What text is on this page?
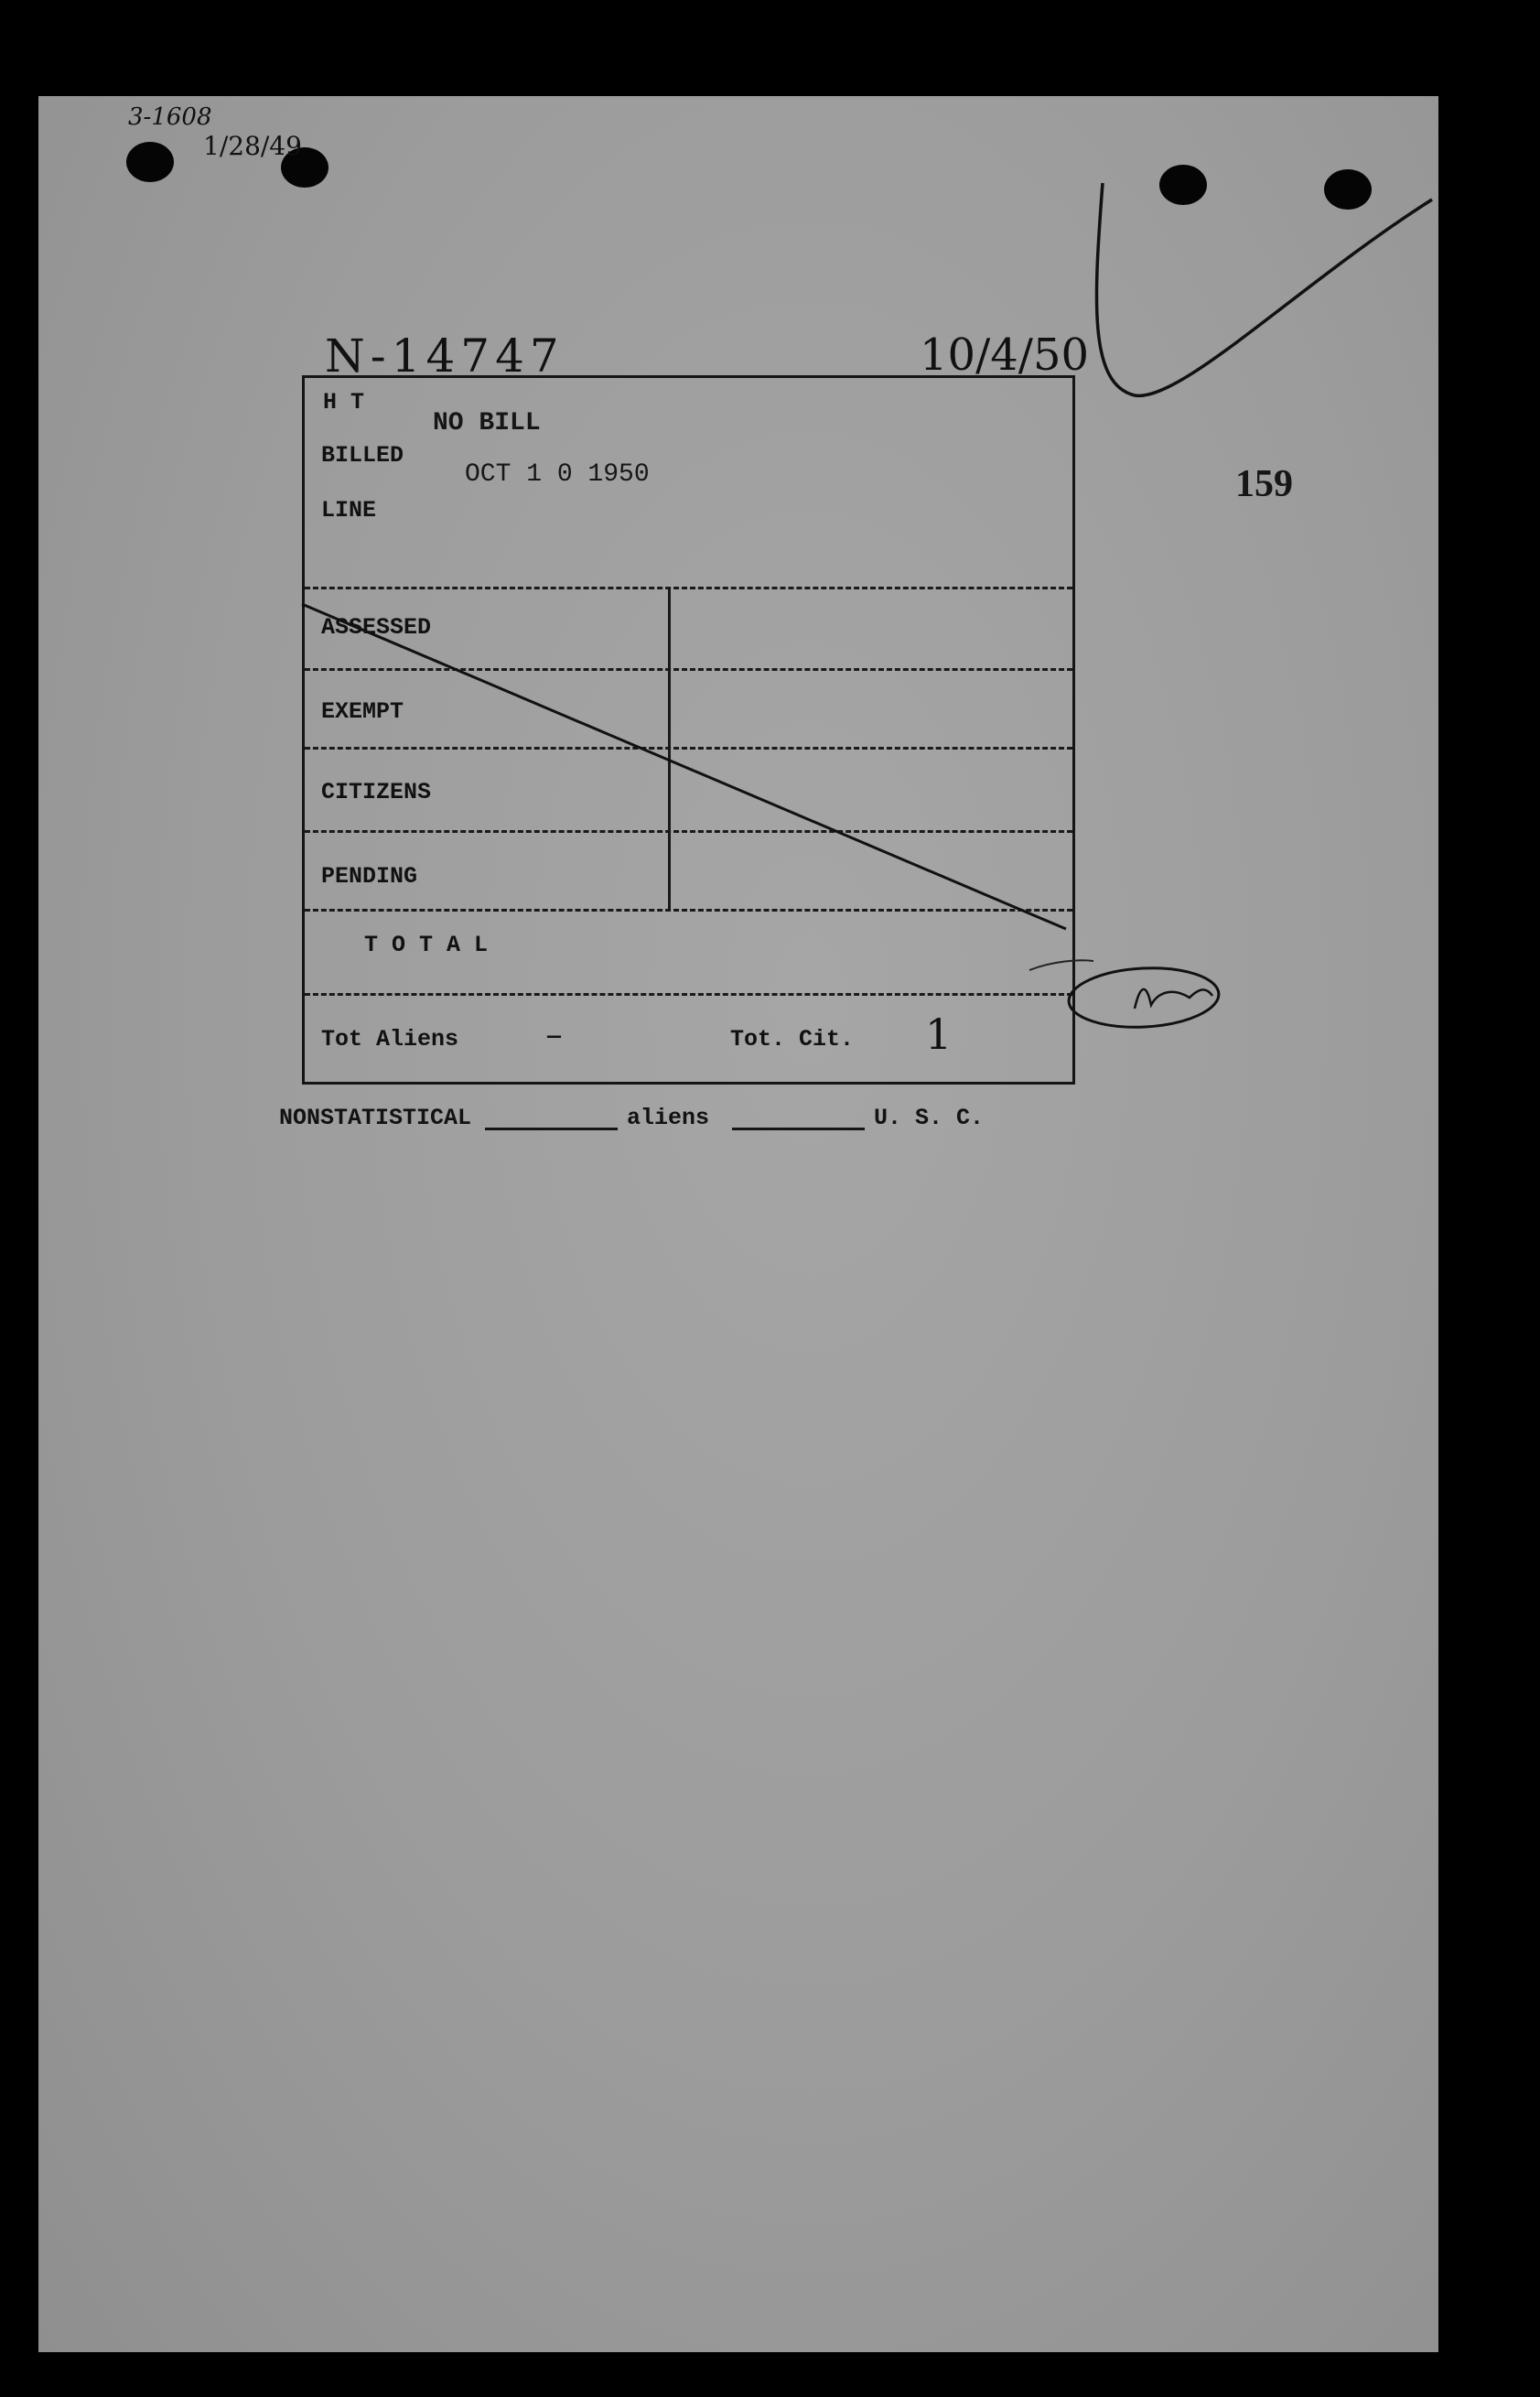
3-1608
1/28/49
N-14747	10/4/50
159
H T
BILLED
LINE
NO BILL
OCT 1 0 1950
ASSESSED
EXEMPT
CITIZENS
PENDING
T O T A L
Tot Aliens	—	Tot. Cit. 1
NONSTATISTICAL	aliens	U. S. C.
